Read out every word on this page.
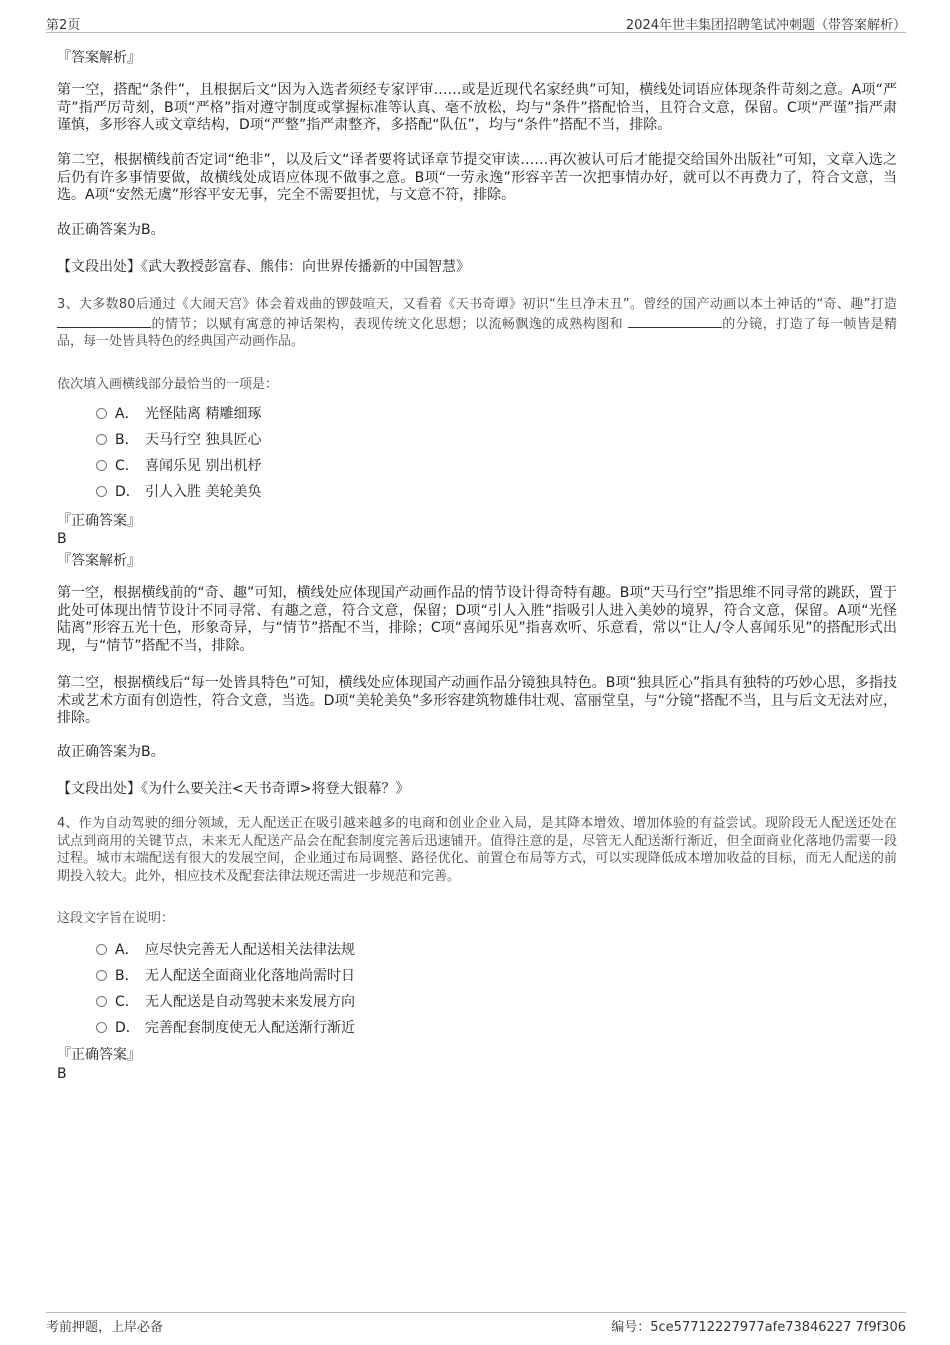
第2页	2024年世丰集团招聘笔试冲刺题（带答案解析）
『答案解析』

第一空，搭配“条件”，且根据后文“因为入选者须经专家评审……或是近现代名家经典”可知，横线处词语应体现条件苛刻之意。A项“严苛”指严厉苛刻，B项“严格”指对遵守制度或掌握标准等认真、毫不放松，均与“条件”搭配恰当，且符合文意，保留。C项“严谨”指严肃谨慎，多形容人或文章结构，D项“严整”指严肃整齐，多搭配“队伍”，均与“条件”搭配不当，排除。

第二空，根据横线前否定词“绝非”，以及后文“译者要将试译章节提交审读……再次被认可后才能提交给国外出版社”可知，文章入选之后仍有许多事情要做，故横线处成语应体现不做事之意。B项“一劳永逸”形容辛苦一次把事情办好，就可以不再费力了，符合文意，当选。A项“安然无虞”形容平安无事，完全不需要担忧，与文意不符，排除。

故正确答案为B。
【文段出处】《武大教授彭富春、熊伟：向世界传播新的中国智慧》

3、大多数80后通过《大闹天宫》体会着戏曲的锣鼓喧天，又看着《天书奇谭》初识“生旦净末丑”。曾经的国产动画以本土神话的“奇、趣”打造的情节；以赋有寓意的神话架构，表现传统文化思想；以流畅飘逸的成熟构图和	的分镜，打造了每一帧皆是精品，每一处皆具特色的经典国产动画作品。

依次填入画横线部分最恰当的一项是：
A． 光怪陆离 精雕细琢
B． 天马行空 独具匠心
C． 喜闻乐见 别出机杼
D． 引人入胜 美轮美奂
『正确答案』
B
『答案解析』

第一空，根据横线前的“奇、趣”可知，横线处应体现国产动画作品的情节设计得奇特有趣。B项“天马行空”指思维不同寻常的跳跃，置于此处可体现出情节设计不同寻常、有趣之意，符合文意，保留；D项“引人入胜”指吸引人进入美妙的境界，符合文意，保留。A项“光怪陆离”形容五光十色，形象奇异，与“情节”搭配不当，排除；C项“喜闻乐见”指喜欢听、乐意看，常以“让人/令人喜闻乐见”的搭配形式出现，与“情节”搭配不当，排除。

第二空，根据横线后“每一处皆具特色”可知，横线处应体现国产动画作品分镜独具特色。B项“独具匠心”指具有独特的巧妙心思，多指技术或艺术方面有创造性，符合文意，当选。D项“美轮美奂”多形容建筑物雄伟壮观、富丽堂皇，与“分镜”搭配不当，且与后文无法对应，排除。

故正确答案为B。
【文段出处】《为什么要关注<天书奇谭>将登大银幕？》

4、作为自动驾驶的细分领域，无人配送正在吸引越来越多的电商和创业企业入局，是其降本增效、增加体验的有益尝试。现阶段无人配送还处在试点到商用的关键节点，未来无人配送产品会在配套制度完善后迅速铺开。值得注意的是，尽管无人配送渐行渐近，但全面商业化落地仍需要一段过程。城市末端配送有很大的发展空间，企业通过布局调整、路径优化、前置仓布局等方式，可以实现降低成本增加收益的目标，而无人配送的前期投入较大。此外，相应技术及配套法律法规还需进一步规范和完善。

这段文字旨在说明：
A． 应尽快完善无人配送相关法律法规
B． 无人配送全面商业化落地尚需时日
C． 无人配送是自动驾驶未来发展方向
D． 完善配套制度使无人配送渐行渐近
『正确答案』
B
考前押题，上岸必备	编号：5ce57712227977afe73846227 7f9f306
